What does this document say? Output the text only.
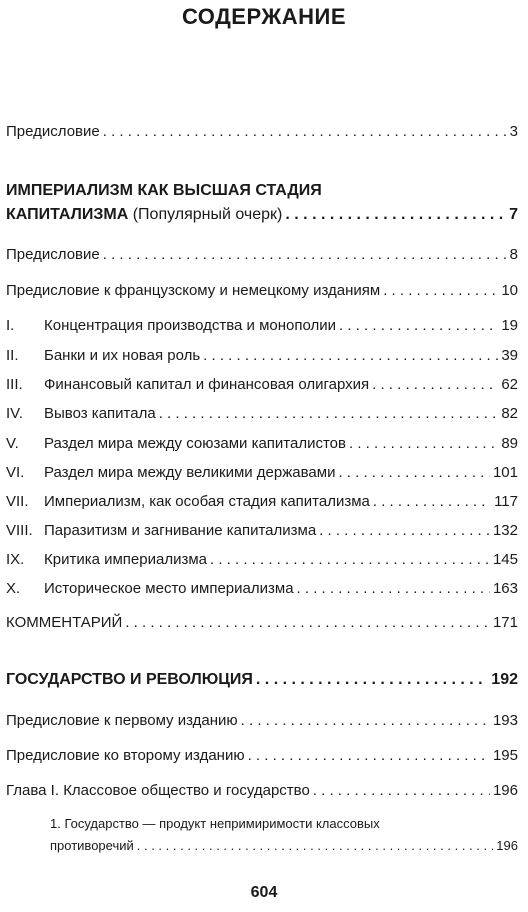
СОДЕРЖАНИЕ
Предисловие . . .	3
ИМПЕРИАЛИЗМ КАК ВЫСШАЯ СТАДИЯ
КАПИТАЛИЗМА (Популярный очерк) . . .	7
Предисловие . . .	8
Предисловие к французскому и немецкому изданиям . . .	10
I.	Концентрация производства и монополии . . .	19
II.	Банки и их новая роль . . .	39
III.	Финансовый капитал и финансовая олигархия . . .	62
IV.	Вывоз капитала . . .	82
V.	Раздел мира между союзами капиталистов . . .	89
VI.	Раздел мира между великими державами . . .	101
VII.	Империализм, как особая стадия капитализма . . .	117
VIII. Паразитизм и загнивание капитализма . . .	132
IX.	Критика империализма . . .	145
X.	Историческое место империализма . . .	163
КОММЕНТАРИЙ . . .	171
ГОСУДАРСТВО И РЕВОЛЮЦИЯ . . .	192
Предисловие к первому изданию . . .	193
Предисловие ко второму изданию . . .	195
Глава I. Классовое общество и государство . . .	196
1. Государство — продукт непримиримости классовых
противоречий . . .	196
604
